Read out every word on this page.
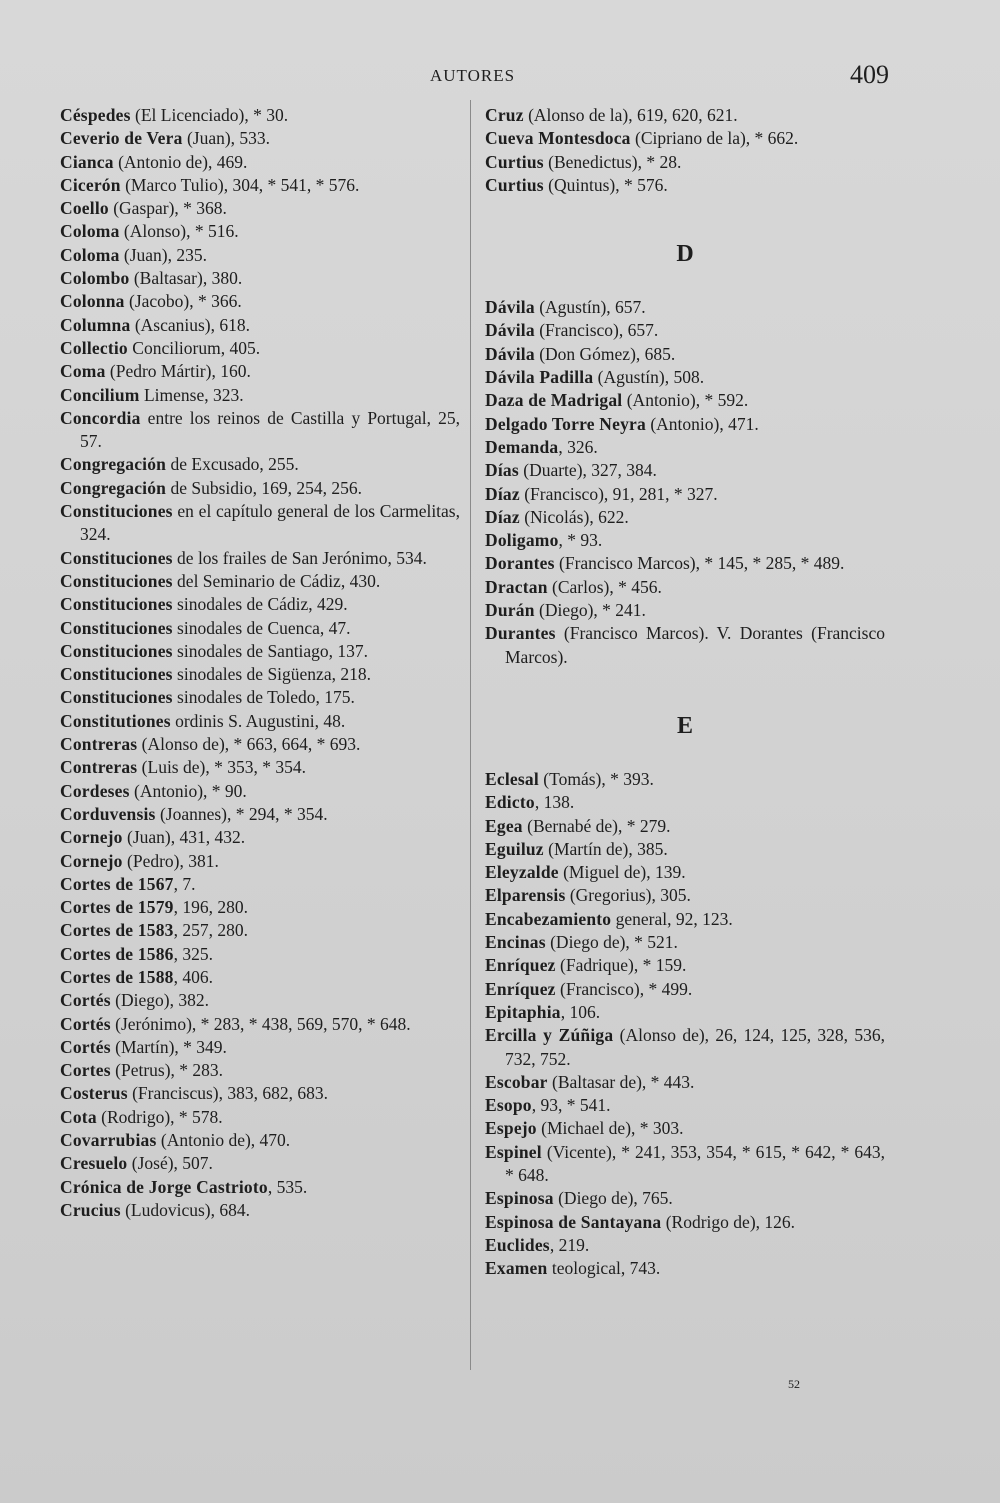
AUTORES	409
Céspedes (El Licenciado), * 30.
Ceverio de Vera (Juan), 533.
Cianca (Antonio de), 469.
Cicerón (Marco Tulio), 304, * 541, * 576.
Coello (Gaspar), * 368.
Coloma (Alonso), * 516.
Coloma (Juan), 235.
Colombo (Baltasar), 380.
Colonna (Jacobo), * 366.
Columna (Ascanius), 618.
Collectio Conciliorum, 405.
Coma (Pedro Mártir), 160.
Concilium Limense, 323.
Concordia entre los reinos de Castilla y Portugal, 25, 57.
Congregación de Excusado, 255.
Congregación de Subsidio, 169, 254, 256.
Constituciones en el capítulo general de los Carmelitas, 324.
Constituciones de los frailes de San Jerónimo, 534.
Constituciones del Seminario de Cádiz, 430.
Constituciones sinodales de Cádiz, 429.
Constituciones sinodales de Cuenca, 47.
Constituciones sinodales de Santiago, 137.
Constituciones sinodales de Sigüenza, 218.
Constituciones sinodales de Toledo, 175.
Constitutiones ordinis S. Augustini, 48.
Contreras (Alonso de), * 663, 664, * 693.
Contreras (Luis de), * 353, * 354.
Cordeses (Antonio), * 90.
Corduvensis (Joannes), * 294, * 354.
Cornejo (Juan), 431, 432.
Cornejo (Pedro), 381.
Cortes de 1567, 7.
Cortes de 1579, 196, 280.
Cortes de 1583, 257, 280.
Cortes de 1586, 325.
Cortes de 1588, 406.
Cortés (Diego), 382.
Cortés (Jerónimo), * 283, * 438, 569, 570, * 648.
Cortés (Martín), * 349.
Cortes (Petrus), * 283.
Costerus (Franciscus), 383, 682, 683.
Cota (Rodrigo), * 578.
Covarrubias (Antonio de), 470.
Cresuelo (José), 507.
Crónica de Jorge Castrioto, 535.
Crucius (Ludovicus), 684.
Cruz (Alonso de la), 619, 620, 621.
Cueva Montesdoca (Cipriano de la), * 662.
Curtius (Benedictus), * 28.
Curtius (Quintus), * 576.
D
Dávila (Agustín), 657.
Dávila (Francisco), 657.
Dávila (Don Gómez), 685.
Dávila Padilla (Agustín), 508.
Daza de Madrigal (Antonio), * 592.
Delgado Torre Neyra (Antonio), 471.
Demanda, 326.
Días (Duarte), 327, 384.
Díaz (Francisco), 91, 281, * 327.
Díaz (Nicolás), 622.
Doligamo, * 93.
Dorantes (Francisco Marcos), * 145, * 285, * 489.
Dractan (Carlos), * 456.
Durán (Diego), * 241.
Durantes (Francisco Marcos). V. Dorantes (Francisco Marcos).
E
Eclesal (Tomás), * 393.
Edicto, 138.
Egea (Bernabé de), * 279.
Eguiluz (Martín de), 385.
Eleyzalde (Miguel de), 139.
Elparensis (Gregorius), 305.
Encabezamiento general, 92, 123.
Encinas (Diego de), * 521.
Enríquez (Fadrique), * 159.
Enríquez (Francisco), * 499.
Epitaphia, 106.
Ercilla y Zúñiga (Alonso de), 26, 124, 125, 328, 536, 732, 752.
Escobar (Baltasar de), * 443.
Esopo, 93, * 541.
Espejo (Michael de), * 303.
Espinel (Vicente), * 241, 353, 354, * 615, * 642, * 643, * 648.
Espinosa (Diego de), 765.
Espinosa de Santayana (Rodrigo de), 126.
Euclides, 219.
Examen teological, 743.
52
